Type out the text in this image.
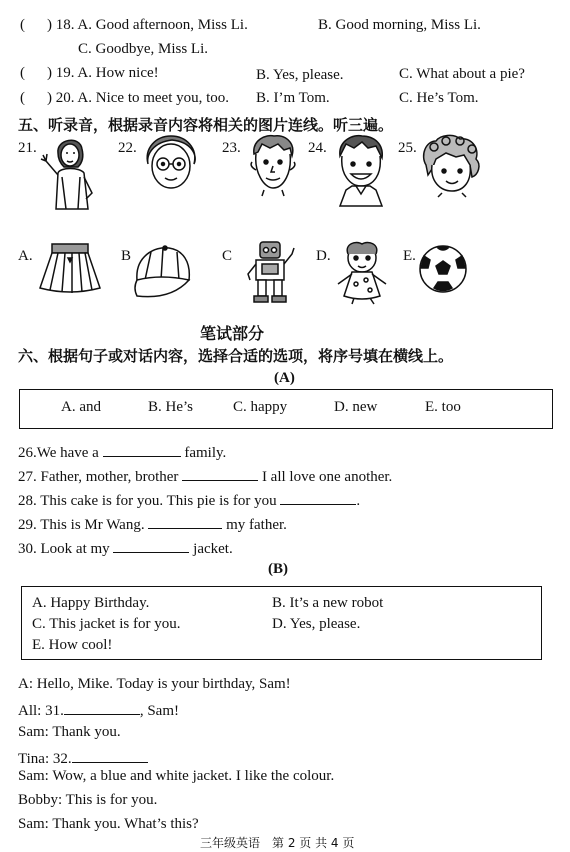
( ) 18. A. Good afternoon, Miss Li.	B. Good morning, Miss Li.
C. Goodbye, Miss Li.
( ) 19. A. How nice!	B. Yes, please.	C. What about a pie?
( ) 20. A. Nice to meet you, too. B. I’m Tom.	C. He’s Tom.
五、听录音，根据录音内容将相关的图片连线。听三遍。
21.	22.	23.	24.	25.
A.	B	C	D.	E.
笔试部分
六、根据句子或对话内容，选择合适的选项，将序号填在横线上。
(A)
A. and	B. He’s	C. happy	D. new	E. too
26.We have a	family.
27. Father, mother, brother	I all love one another.
28. This cake is for you. This pie is for you	.
29. This is Mr Wang.	my father.
30. Look at my	jacket.
(B)
A. Happy Birthday.	B. It’s a new robot
C. This jacket is for you.	D. Yes, please.
E. How cool!
A: Hello, Mike. Today is your birthday, Sam!
All: 31.	, Sam!
Sam: Thank you.
Tina: 32.
Sam: Wow, a blue and white jacket. I like the colour.
Bobby: This is for you.
Sam: Thank you. What’s this?
三年级英语　第 2 页 共 4 页
